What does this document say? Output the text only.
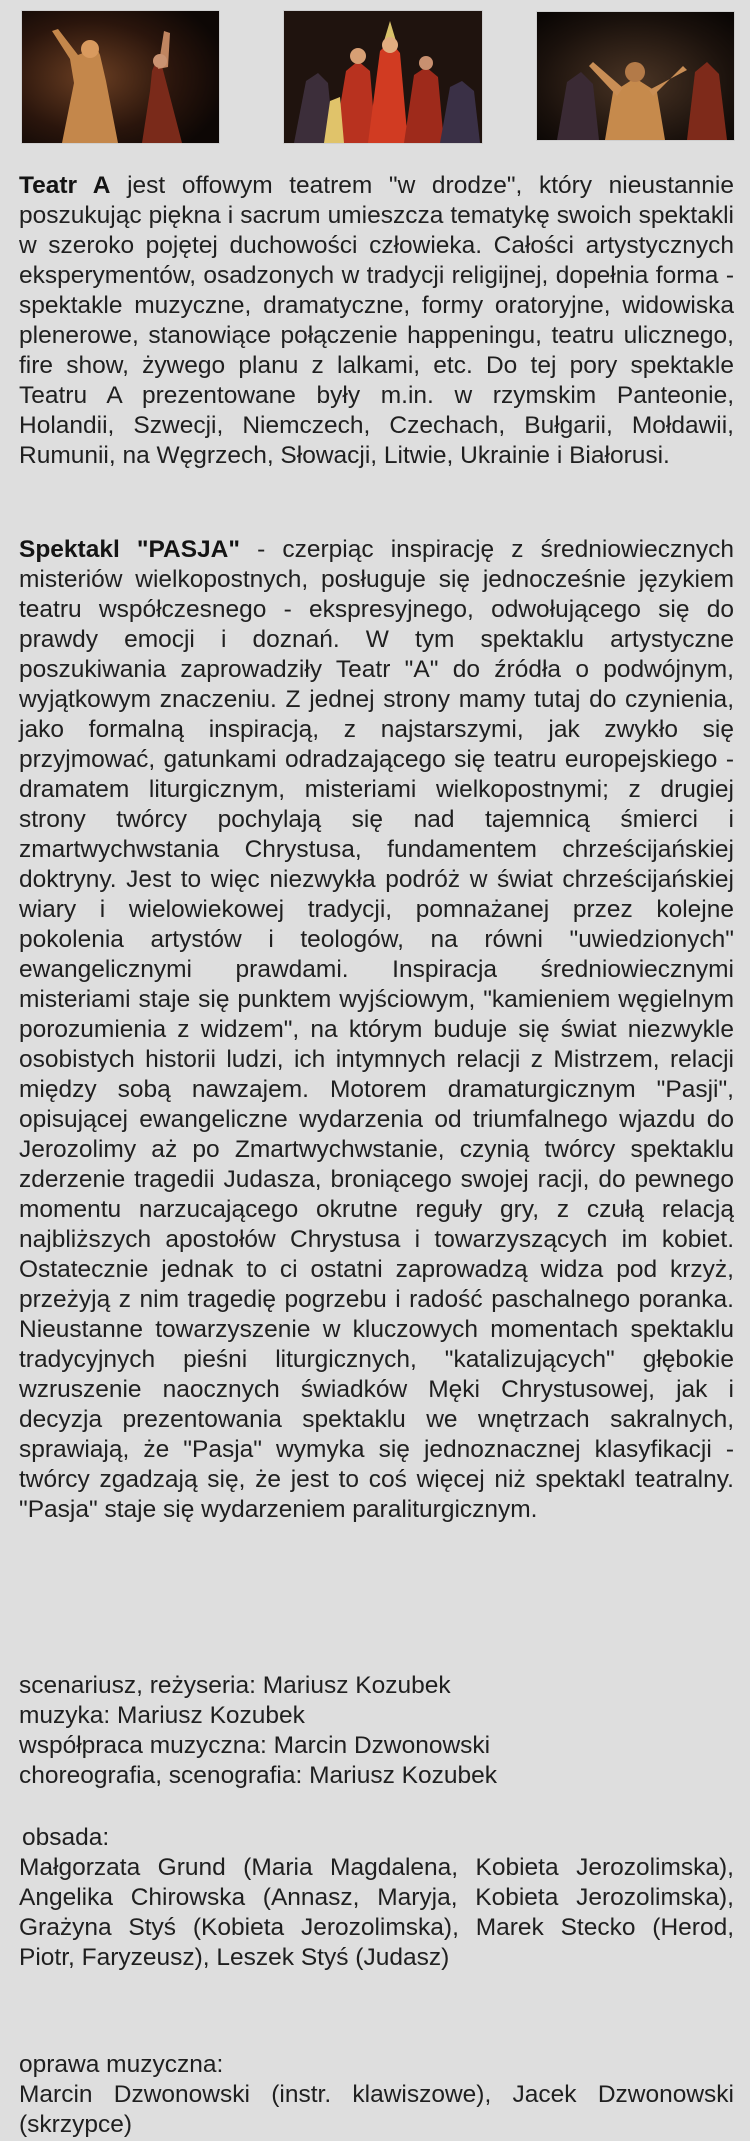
Teatr A jest offowym teatrem "w drodze", który nieustannie poszukując piękna i sacrum umieszcza tematykę swoich spektakli w szeroko pojętej duchowości człowieka. Całości artystycznych eksperymentów, osadzonych w tradycji religijnej, dopełnia forma - spektakle muzyczne, dramatyczne, formy oratoryjne, widowiska plenerowe, stanowiące połączenie happeningu, teatru ulicznego, fire show, żywego planu z lalkami, etc. Do tej pory spektakle Teatru A prezentowane były m.in. w rzymskim Panteonie, Holandii, Szwecji, Niemczech, Czechach, Bułgarii, Mołdawii, Rumunii, na Węgrzech, Słowacji, Litwie, Ukrainie i Białorusi.
Spektakl "PASJA" - czerpiąc inspirację z średniowiecznych misteriów wielkopostnych, posługuje się jednocześnie językiem teatru współczesnego - ekspresyjnego, odwołującego się do prawdy emocji i doznań. W tym spektaklu artystyczne poszukiwania zaprowadziły Teatr "A" do źródła o podwójnym, wyjątkowym znaczeniu. Z jednej strony mamy tutaj do czynienia, jako formalną inspiracją, z najstarszymi, jak zwykło się przyjmować, gatunkami odradzającego się teatru europejskiego - dramatem liturgicznym, misteriami wielkopostnymi; z drugiej strony twórcy pochylają się nad tajemnicą śmierci i zmartwychwstania Chrystusa, fundamentem chrześcijańskiej doktryny. Jest to więc niezwykła podróż w świat chrześcijańskiej wiary i wielowiekowej tradycji, pomnażanej przez kolejne pokolenia artystów i teologów, na równi "uwiedzionych" ewangelicznymi prawdami. Inspiracja średniowiecznymi misteriami staje się punktem wyjściowym, "kamieniem węgielnym porozumienia z widzem", na którym buduje się świat niezwykle osobistych historii ludzi, ich intymnych relacji z Mistrzem, relacji między sobą nawzajem. Motorem dramaturgicznym "Pasji", opisującej ewangeliczne wydarzenia od triumfalnego wjazdu do Jerozolimy aż po Zmartwychwstanie, czynią twórcy spektaklu zderzenie tragedii Judasza, broniącego swojej racji, do pewnego momentu narzucającego okrutne reguły gry, z czułą relacją najbliższych apostołów Chrystusa i towarzyszących im kobiet. Ostatecznie jednak to ci ostatni zaprowadzą widza pod krzyż, przeżyją z nim tragedię pogrzebu i radość paschalnego poranka. Nieustanne towarzyszenie w kluczowych momentach spektaklu tradycyjnych pieśni liturgicznych, "katalizujących" głębokie wzruszenie naocznych świadków Męki Chrystusowej, jak i decyzja prezentowania spektaklu we wnętrzach sakralnych, sprawiają, że "Pasja" wymyka się jednoznacznej klasyfikacji - twórcy zgadzają się, że jest to coś więcej niż spektakl teatralny. "Pasja" staje się wydarzeniem paraliturgicznym.
scenariusz, reżyseria: Mariusz Kozubek
muzyka: Mariusz Kozubek
współpraca muzyczna: Marcin Dzwonowski
choreografia, scenografia: Mariusz Kozubek
obsada:
Małgorzata Grund (Maria Magdalena, Kobieta Jerozolimska), Angelika Chirowska (Annasz, Maryja, Kobieta Jerozolimska), Grażyna Styś (Kobieta Jerozolimska), Marek Stecko (Herod, Piotr, Faryzeusz), Leszek Styś (Judasz)
oprawa muzyczna:
Marcin Dzwonowski (instr. klawiszowe), Jacek Dzwonowski (skrzypce)
